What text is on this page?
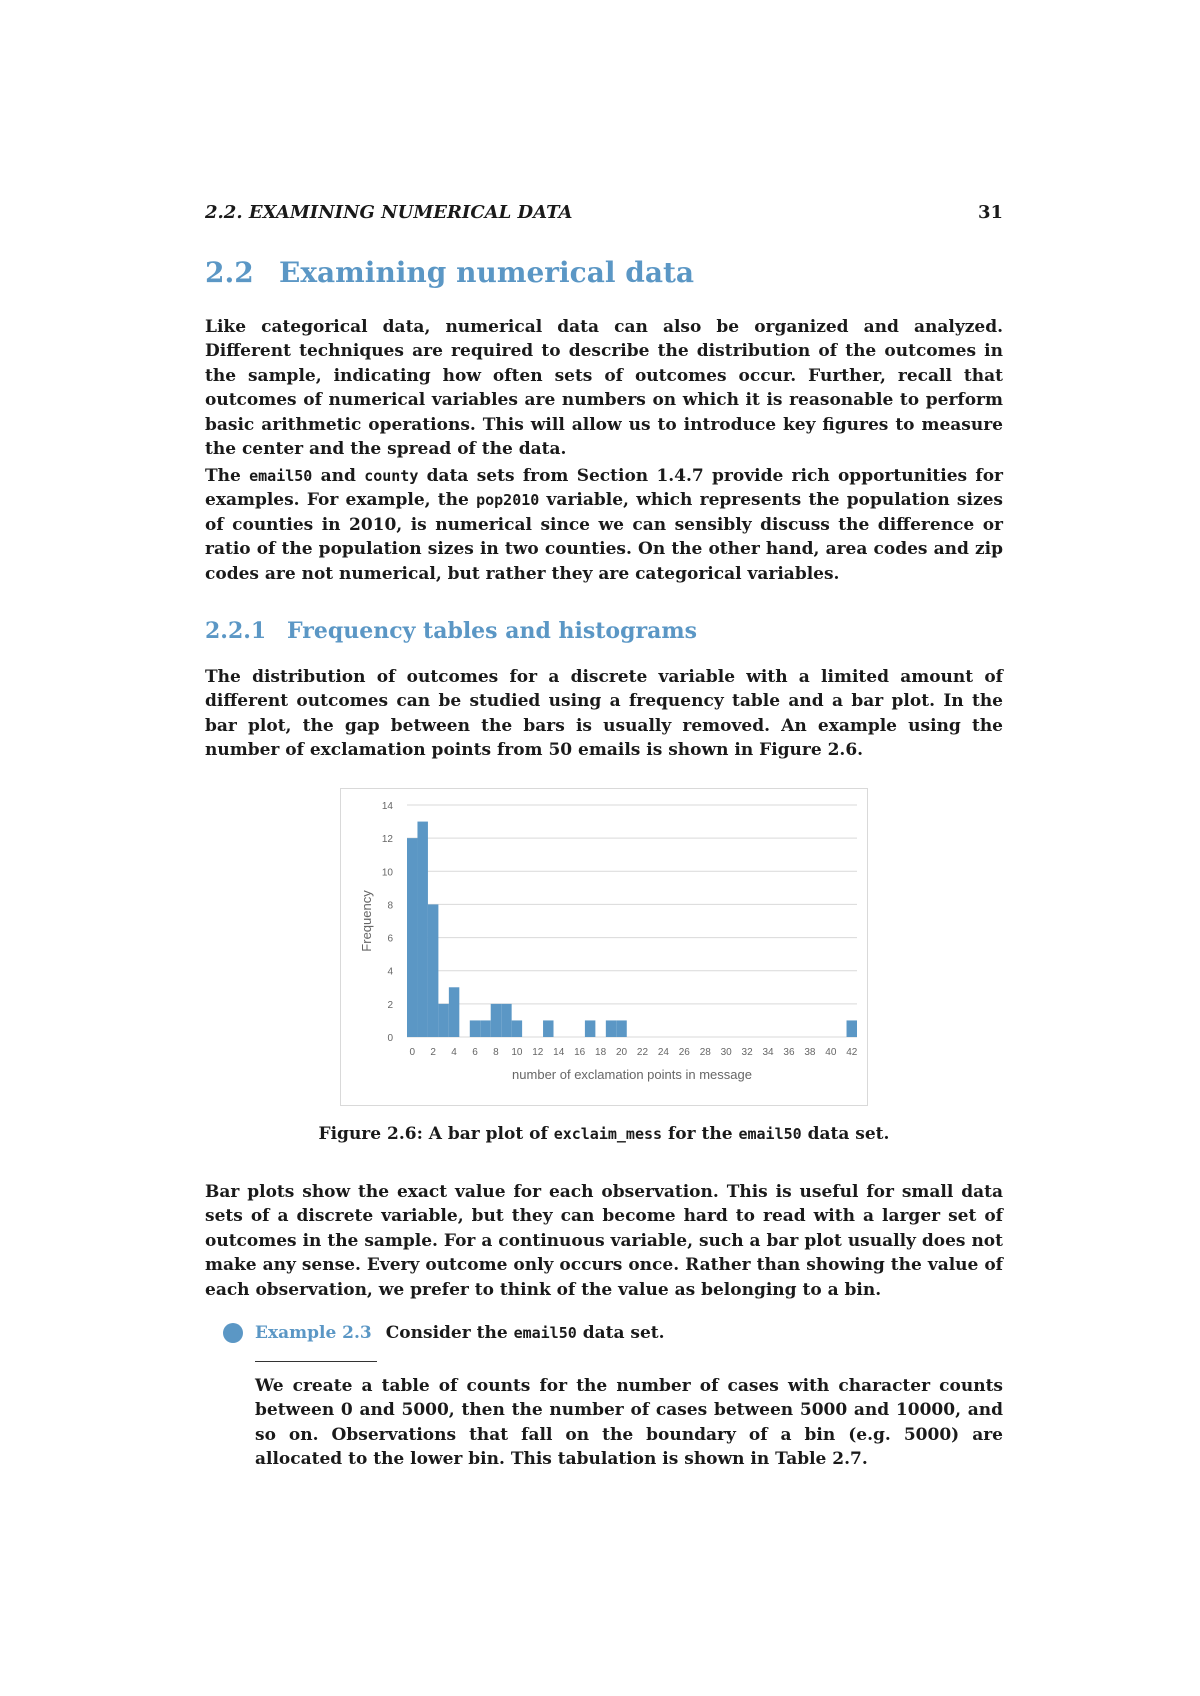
2.2. EXAMINING NUMERICAL DATA	31
2.2 Examining numerical data

Like categorical data, numerical data can also be organized and analyzed. Different techniques are required to describe the distribution of the outcomes in the sample, indicating how often sets of outcomes occur. Further, recall that outcomes of numerical variables are numbers on which it is reasonable to perform basic arithmetic operations. This will allow us to introduce key figures to measure the center and the spread of the data.

The email50 and county data sets from Section 1.4.7 provide rich opportunities for examples. For example, the pop2010 variable, which represents the population sizes of counties in 2010, is numerical since we can sensibly discuss the difference or ratio of the population sizes in two counties. On the other hand, area codes and zip codes are not numerical, but rather they are categorical variables.

2.2.1 Frequency tables and histograms

The distribution of outcomes for a discrete variable with a limited amount of different outcomes can be studied using a frequency table and a bar plot. In the bar plot, the gap between the bars is usually removed. An example using the number of exclamation points from 50 emails is shown in Figure 2.6.

0
2
4
6
8
10
12
14
0 2 4 6 8 10 12 14 16 18 20 22 24 26 28 30 32 34 36 38 40 42
number of exclamation points in message
Frequency
Figure 2.6: A bar plot of exclaim_mess for the email50 data set.

Bar plots show the exact value for each observation. This is useful for small data sets of a discrete variable, but they can become hard to read with a larger set of outcomes in the sample. For a continuous variable, such a bar plot usually does not make any sense. Every outcome only occurs once. Rather than showing the value of each observation, we prefer to think of the value as belonging to a bin.

Example 2.3 Consider the email50 data set.

We create a table of counts for the number of cases with character counts between 0 and 5000, then the number of cases between 5000 and 10000, and so on. Observations that fall on the boundary of a bin (e.g. 5000) are allocated to the lower bin. This tabulation is shown in Table 2.7.
